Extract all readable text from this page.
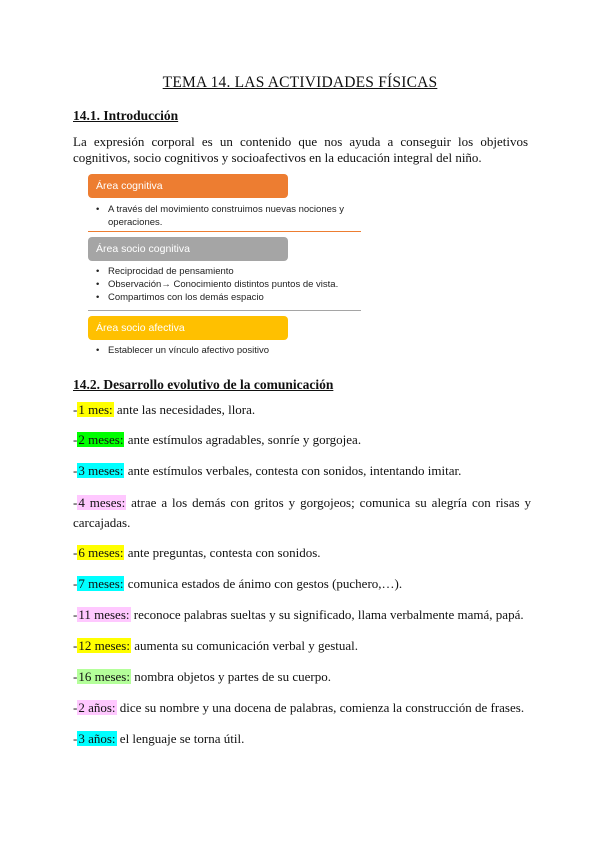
TEMA 14. LAS ACTIVIDADES FÍSICAS
14.1. Introducción
La expresión corporal es un contenido que nos ayuda a conseguir los objetivos cognitivos, socio cognitivos y socioafectivos en la educación integral del niño.
Área cognitiva
• A través del movimiento construimos nuevas nociones y operaciones.
Área socio cognitiva
• Reciprocidad de pensamiento
• Observación→ Conocimiento distintos puntos de vista.
• Compartimos con los demás espacio
Área socio afectiva
• Establecer un vínculo afectivo positivo
14.2. Desarrollo evolutivo de la comunicación
-1 mes: ante las necesidades, llora.
-2 meses: ante estímulos agradables, sonríe y gorgojea.
-3 meses: ante estímulos verbales, contesta con sonidos, intentando imitar.
-4 meses: atrae a los demás con gritos y gorgojeos; comunica su alegría con risas y carcajadas.
-6 meses: ante preguntas, contesta con sonidos.
-7 meses: comunica estados de ánimo con gestos (puchero,…).
-11 meses: reconoce palabras sueltas y su significado, llama verbalmente mamá, papá.
-12 meses: aumenta su comunicación verbal y gestual.
-16 meses: nombra objetos y partes de su cuerpo.
-2 años: dice su nombre y una docena de palabras, comienza la construcción de frases.
-3 años: el lenguaje se torna útil.
